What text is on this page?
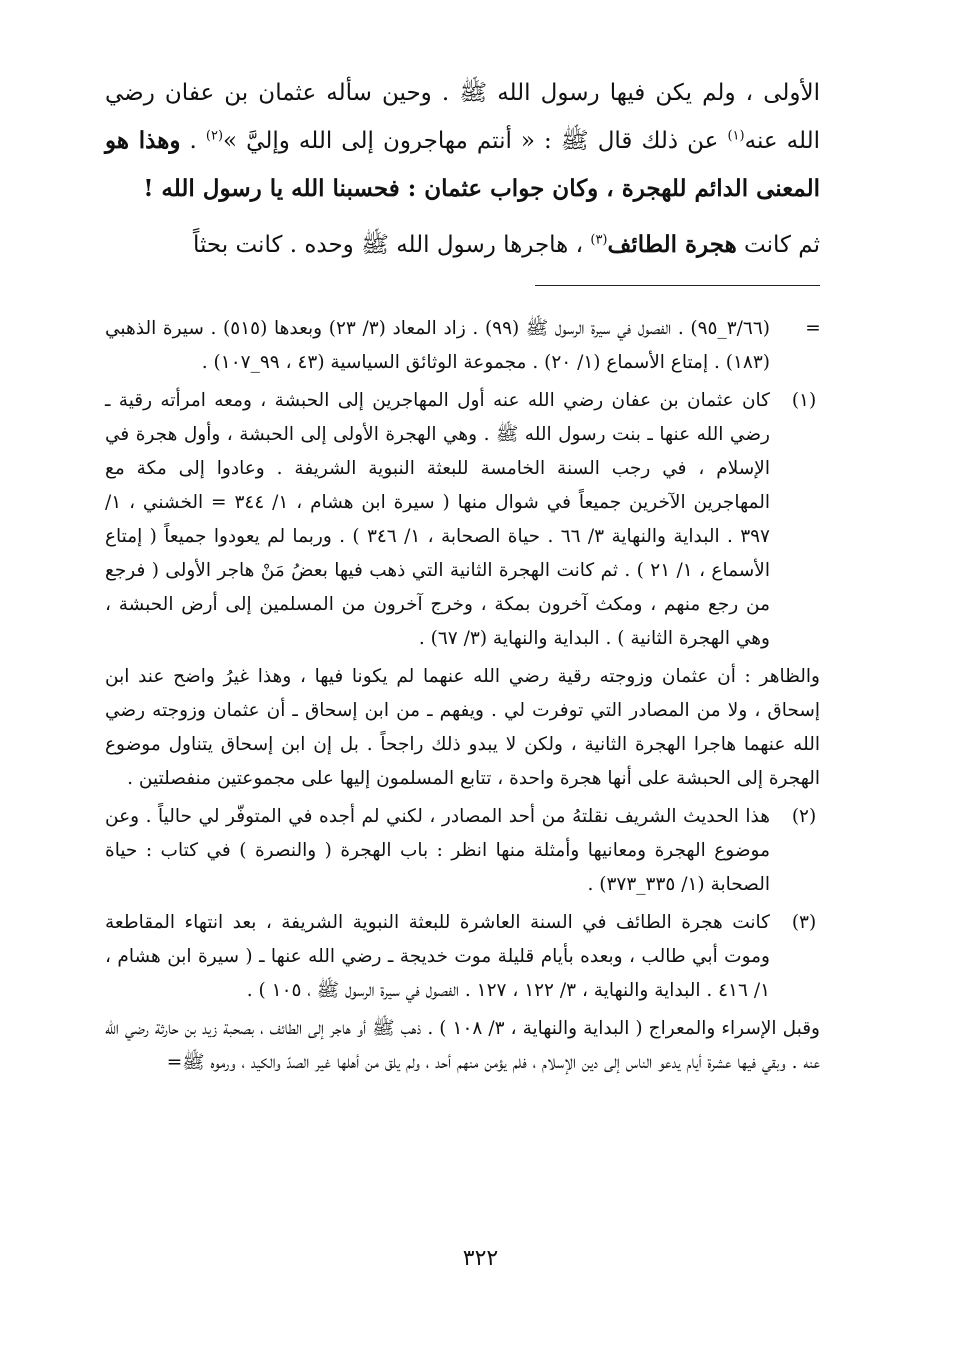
الأولى ، ولم يكن فيها رسول الله ﷺ . وحين سأله عثمان بن عفان رضي الله عنه$^{(١)}$ عن ذلك قال ﷺ : « أنتم مهاجرون إلى الله وإليَّ »$^{(٢)}$ . وهذا هو المعنى الدائم للهجرة ، وكان جواب عثمان : فحسبنا الله يا رسول الله !

ثم كانت هجرة الطائف$^{(٣)}$ ، هاجرها رسول الله ﷺ وحده . كانت بحثاً

=

(٣/٦٦_٩٥) . الفصول في سيرة الرسول ﷺ (٩٩) . زاد المعاد (٣/ ٢٣) وبعدها (٥١٥) . سيرة الذهبي (١٨٣) . إمتاع الأسماع (١/ ٢٠) . مجموعة الوثائق السياسية (٤٣ ، ٩٩_١٠٧) .

(١)

كان عثمان بن عفان رضي الله عنه أول المهاجرين إلى الحبشة ، ومعه امرأته رقية ـ رضي الله عنها ـ بنت رسول الله ﷺ . وهي الهجرة الأولى إلى الحبشة ، وأول هجرة في الإسلام ، في رجب السنة الخامسة للبعثة النبوية الشريفة . وعادوا إلى مكة مع المهاجرين الآخرين جميعاً في شوال منها ( سيرة ابن هشام ، ١/ ٣٤٤ = الخشني ، ١/ ٣٩٧ . البداية والنهاية ٣/ ٦٦ . حياة الصحابة ، ١/ ٣٤٦ ) . وربما لم يعودوا جميعاً ( إمتاع الأسماع ، ١/ ٢١ ) . ثم كانت الهجرة الثانية التي ذهب فيها بعضُ مَنْ هاجر الأولى ( فرجع من رجع منهم ، ومكث آخرون بمكة ، وخرج آخرون من المسلمين إلى أرض الحبشة ، وهي الهجرة الثانية ) . البداية والنهاية (٣/ ٦٧) .

والظاهر : أن عثمان وزوجته رقية رضي الله عنهما لم يكونا فيها ، وهذا غيرُ واضح عند ابن إسحاق ، ولا من المصادر التي توفرت لي . ويفهم ـ من ابن إسحاق ـ أن عثمان وزوجته رضي الله عنهما هاجرا الهجرة الثانية ، ولكن لا يبدو ذلك راجحاً . بل إن ابن إسحاق يتناول موضوع الهجرة إلى الحبشة على أنها هجرة واحدة ، تتابع المسلمون إليها على مجموعتين منفصلتين .

(٢)

هذا الحديث الشريف نقلتهُ من أحد المصادر ، لكني لم أجده في المتوفّر لي حالياً . وعن موضوع الهجرة ومعانيها وأمثلة منها انظر : باب الهجرة ( والنصرة ) في كتاب : حياة الصحابة (١/ ٣٣٥_٣٧٣) .

(٣)

كانت هجرة الطائف في السنة العاشرة للبعثة النبوية الشريفة ، بعد انتهاء المقاطعة وموت أبي طالب ، وبعده بأيام قليلة موت خديجة ـ رضي الله عنها ـ ( سيرة ابن هشام ، ١/ ٤١٦ . البداية والنهاية ، ٣/ ١٢٢ ، ١٢٧ . الفصول في سيرة الرسول ﷺ ، ١٠٥ ) .

وقبل الإسراء والمعراج ( البداية والنهاية ، ٣/ ١٠٨ ) . ذهب ﷺ أو هاجر إلى الطائف ، بصحبة زيد بن حارثة رضي الله عنه . وبقي فيها عشرة أيام يدعو الناس إلى دين الإسلام ، فلم يؤمن منهم أحد ، ولم يلق من أهلها غير الصدّ والكيد ، ورموه ﷺ=

٣٢٢
